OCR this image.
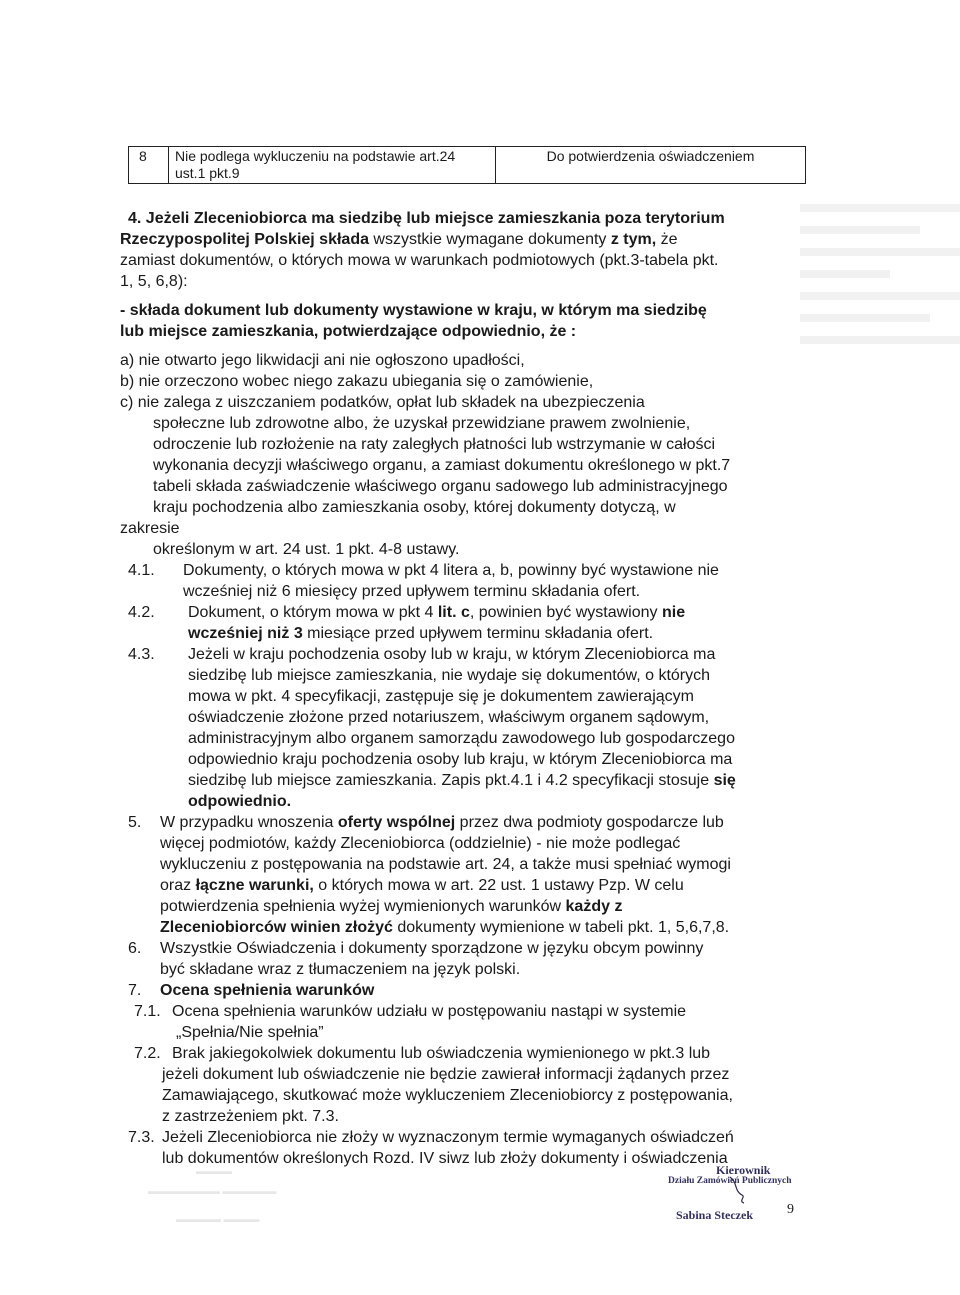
8	Nie podlega wykluczeniu na podstawie art.24
ust.1 pkt.9
Do potwierdzenia oświadczeniem
4. Jeżeli Zleceniobiorca ma siedzibę lub miejsce zamieszkania poza terytorium
Rzeczypospolitej Polskiej składa wszystkie wymagane dokumenty z tym, że
zamiast dokumentów, o których mowa w warunkach podmiotowych (pkt.3-tabela pkt.
1, 5, 6,8):
- składa dokument lub dokumenty wystawione w kraju, w którym ma siedzibę
lub miejsce zamieszkania, potwierdzające odpowiednio, że :
a) nie otwarto jego likwidacji ani nie ogłoszono upadłości,
b) nie orzeczono wobec niego zakazu ubiegania się o zamówienie,
c) nie zalega z uiszczaniem podatków, opłat lub składek na ubezpieczenia
społeczne lub zdrowotne albo, że uzyskał przewidziane prawem zwolnienie,
odroczenie lub rozłożenie na raty zaległych płatności lub wstrzymanie w całości
wykonania decyzji właściwego organu, a zamiast dokumentu określonego w pkt.7
tabeli składa zaświadczenie właściwego organu sadowego lub administracyjnego
kraju pochodzenia albo zamieszkania osoby, której dokumenty dotyczą, w
zakresie
określonym w art. 24 ust. 1 pkt. 4-8 ustawy.
4.1. Dokumenty, o których mowa w pkt 4 litera a, b, powinny być wystawione nie
wcześniej niż 6 miesięcy przed upływem terminu składania ofert.
4.2. Dokument, o którym mowa w pkt 4 lit. c, powinien być wystawiony nie
wcześniej niż 3 miesiące przed upływem terminu składania ofert.
4.3. Jeżeli w kraju pochodzenia osoby lub w kraju, w którym Zleceniobiorca ma
siedzibę lub miejsce zamieszkania, nie wydaje się dokumentów, o których
mowa w pkt. 4 specyfikacji, zastępuje się je dokumentem zawierającym
oświadczenie złożone przed notariuszem, właściwym organem sądowym,
administracyjnym albo organem samorządu zawodowego lub gospodarczego
odpowiednio kraju pochodzenia osoby lub kraju, w którym Zleceniobiorca ma
siedzibę lub miejsce zamieszkania. Zapis pkt.4.1 i 4.2 specyfikacji stosuje się
odpowiednio.
5. W przypadku wnoszenia oferty wspólnej przez dwa podmioty gospodarcze lub
więcej podmiotów, każdy Zleceniobiorca (oddzielnie) - nie może podlegać
wykluczeniu z postępowania na podstawie art. 24, a także musi spełniać wymogi
oraz łączne warunki, o których mowa w art. 22 ust. 1 ustawy Pzp. W celu
potwierdzenia spełnienia wyżej wymienionych warunków każdy z
Zleceniobiorców winien złożyć dokumenty wymienione w tabeli pkt. 1, 5,6,7,8.
6. Wszystkie Oświadczenia i dokumenty sporządzone w języku obcym powinny
być składane wraz z tłumaczeniem na język polski.
7. Ocena spełnienia warunków
7.1. Ocena spełnienia warunków udziału w postępowaniu nastąpi w systemie
„Spełnia/Nie spełnia”
7.2. Brak jakiegokolwiek dokumentu lub oświadczenia wymienionego w pkt.3 lub
jeżeli dokument lub oświadczenie nie będzie zawierał informacji żądanych przez
Zamawiającego, skutkować może wykluczeniem Zleceniobiorcy z postępowania,
z zastrzeżeniem pkt. 7.3.
7.3. Jeżeli Zleceniobiorca nie złoży w wyznaczonym termie wymaganych oświadczeń
lub dokumentów określonych Rozd. IV siwz lub złoży dokumenty i oświadczenia
▬▬▬▬
▬▬▬▬▬▬▬▬ ▬▬▬▬▬▬
▬▬▬▬▬ ▬▬▬▬
Kierownik
Działu Zamówień Publicznych
Sabina Steczek 9
